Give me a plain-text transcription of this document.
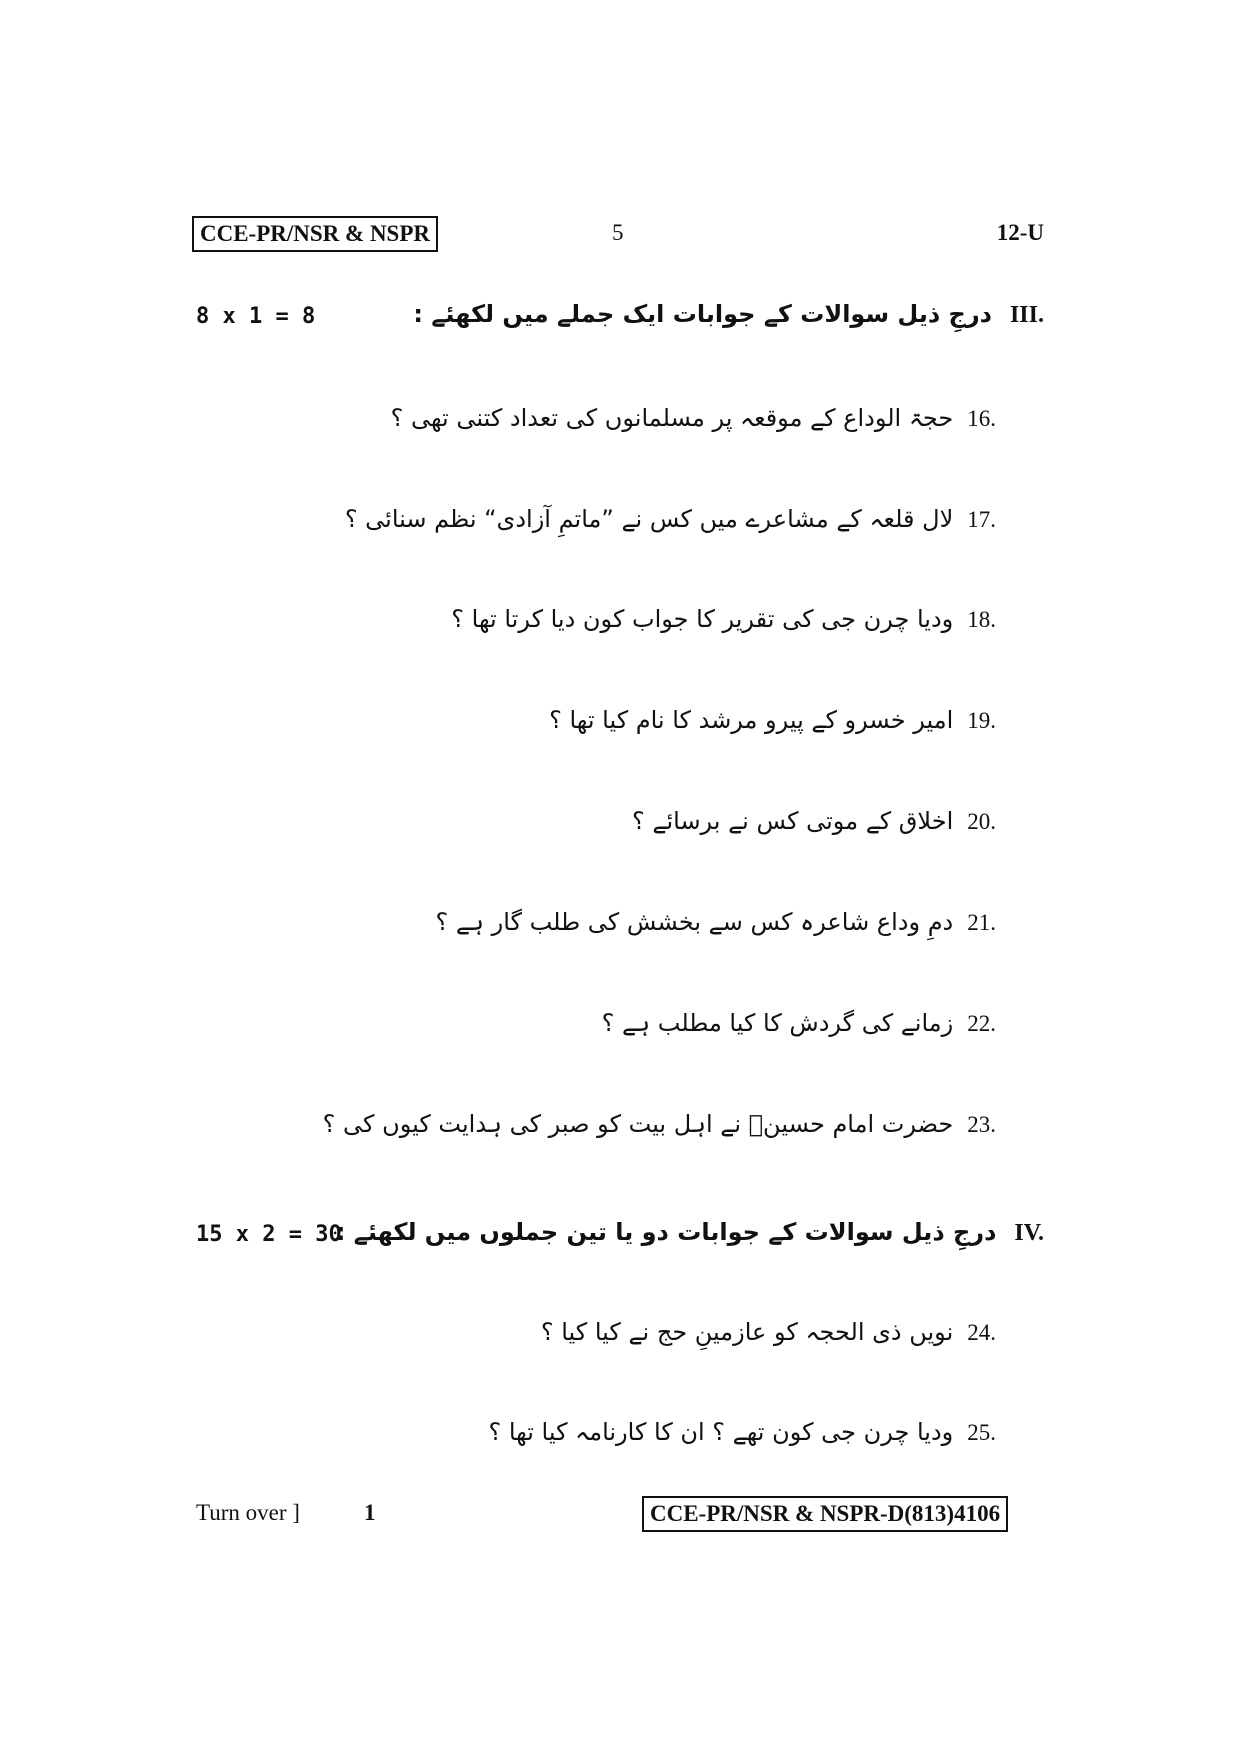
CCE-PR/NSR & NSPR	5	12-U
8 x 1 = 8	III.
درجِ ذیل سوالات کے جوابات ایک جملے میں لکھئے :
16.
حجۃ الوداع کے موقعہ پر مسلمانوں کی تعداد کتنی تھی ؟
17.
لال قلعہ کے مشاعرے میں کس نے ”ماتمِ آزادی“ نظم سنائی ؟
18.
ودیا چرن جی کی تقریر کا جواب کون دیا کرتا تھا ؟
19.
امیر خسرو کے پیرو مرشد کا نام کیا تھا ؟
20.
اخلاق کے موتی کس نے برسائے ؟
21.
دمِ وداع شاعرہ کس سے بخشش کی طلب گار ہے ؟
22.
زمانے کی گردش کا کیا مطلب ہے ؟
23.
حضرت امام حسینؓ نے اہل بیت کو صبر کی ہدایت کیوں کی ؟
15 x 2 = 30	IV.
درجِ ذیل سوالات کے جوابات دو یا تین جملوں میں لکھئے :
24.
نویں ذی الحجہ کو عازمینِ حج نے کیا کیا ؟
25.
ودیا چرن جی کون تھے ؟ ان کا کارنامہ کیا تھا ؟
Turn over ]	1	CCE-PR/NSR & NSPR-D(813)4106
